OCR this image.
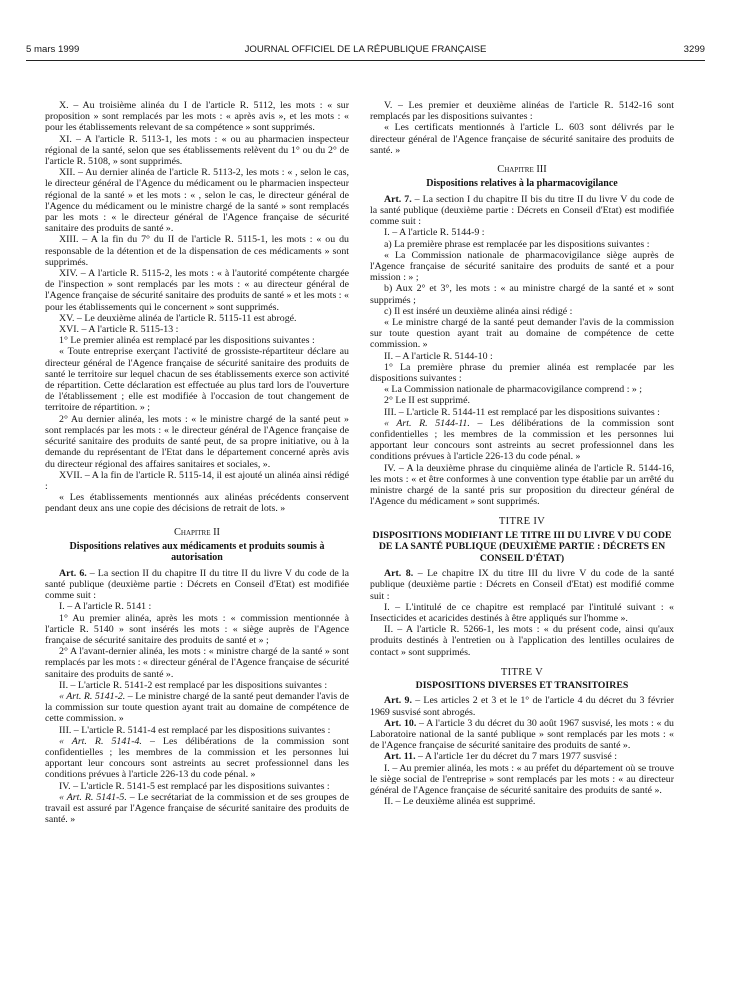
5 mars 1999	JOURNAL OFFICIEL DE LA RÉPUBLIQUE FRANÇAISE	3299

X. – Au troisième alinéa du I de l'article R. 5112, les mots : « sur proposition » sont remplacés par les mots : « après avis », et les mots : « pour les établissements relevant de sa compétence » sont supprimés.

XI. – A l'article R. 5113-1, les mots : « ou au pharmacien inspecteur régional de la santé, selon que ses établissements relèvent du 1° ou du 2° de l'article R. 5108, » sont supprimés.

XII. – Au dernier alinéa de l'article R. 5113-2, les mots : « , selon le cas, le directeur général de l'Agence du médicament ou le pharmacien inspecteur régional de la santé » et les mots : « , selon le cas, le directeur général de l'Agence du médicament ou le ministre chargé de la santé » sont remplacés par les mots : « le directeur général de l'Agence française de sécurité sanitaire des produits de santé ».

XIII. – A la fin du 7° du II de l'article R. 5115-1, les mots : « ou du responsable de la détention et de la dispensation de ces médicaments » sont supprimés.

XIV. – A l'article R. 5115-2, les mots : « à l'autorité compétente chargée de l'inspection » sont remplacés par les mots : « au directeur général de l'Agence française de sécurité sanitaire des produits de santé » et les mots : « pour les établissements qui le concernent » sont supprimés.

XV. – Le deuxième alinéa de l'article R. 5115-11 est abrogé.

XVI. – A l'article R. 5115-13 :

1° Le premier alinéa est remplacé par les dispositions suivantes :

« Toute entreprise exerçant l'activité de grossiste-répartiteur déclare au directeur général de l'Agence française de sécurité sanitaire des produits de santé le territoire sur lequel chacun de ses établissements exerce son activité de répartition. Cette déclaration est effectuée au plus tard lors de l'ouverture de l'établissement ; elle est modifiée à l'occasion de tout changement de territoire de répartition. » ;

2° Au dernier alinéa, les mots : « le ministre chargé de la santé peut » sont remplacés par les mots : « le directeur général de l'Agence française de sécurité sanitaire des produits de santé peut, de sa propre initiative, ou à la demande du représentant de l'Etat dans le département concerné après avis du directeur régional des affaires sanitaires et sociales, ».

XVII. – A la fin de l'article R. 5115-14, il est ajouté un alinéa ainsi rédigé :

« Les établissements mentionnés aux alinéas précédents conservent pendant deux ans une copie des décisions de retrait de lots. »

Chapitre II
Dispositions relatives aux médicaments et produits soumis à autorisation

Art. 6. – La section II du chapitre II du titre II du livre V du code de la santé publique (deuxième partie : Décrets en Conseil d'Etat) est modifiée comme suit :

I. – A l'article R. 5141 :

1° Au premier alinéa, après les mots : « commission mentionnée à l'article R. 5140 » sont insérés les mots : « siège auprès de l'Agence française de sécurité sanitaire des produits de santé et » ;

2° A l'avant-dernier alinéa, les mots : « ministre chargé de la santé » sont remplacés par les mots : « directeur général de l'Agence française de sécurité sanitaire des produits de santé ».

II. – L'article R. 5141-2 est remplacé par les dispositions suivantes :

« Art. R. 5141-2. – Le ministre chargé de la santé peut demander l'avis de la commission sur toute question ayant trait au domaine de compétence de cette commission. »

III. – L'article R. 5141-4 est remplacé par les dispositions suivantes :

« Art. R. 5141-4. – Les délibérations de la commission sont confidentielles ; les membres de la commission et les personnes lui apportant leur concours sont astreints au secret professionnel dans les conditions prévues à l'article 226-13 du code pénal. »

IV. – L'article R. 5141-5 est remplacé par les dispositions suivantes :

« Art. R. 5141-5. – Le secrétariat de la commission et de ses groupes de travail est assuré par l'Agence française de sécurité sanitaire des produits de santé. »

V. – Les premier et deuxième alinéas de l'article R. 5142-16 sont remplacés par les dispositions suivantes :

« Les certificats mentionnés à l'article L. 603 sont délivrés par le directeur général de l'Agence française de sécurité sanitaire des produits de santé. »

Chapitre III
Dispositions relatives à la pharmacovigilance

Art. 7. – La section I du chapitre II bis du titre II du livre V du code de la santé publique (deuxième partie : Décrets en Conseil d'Etat) est modifiée comme suit :

I. – A l'article R. 5144-9 :

a) La première phrase est remplacée par les dispositions suivantes :

« La Commission nationale de pharmacovigilance siège auprès de l'Agence française de sécurité sanitaire des produits de santé et a pour mission : » ;

b) Aux 2° et 3°, les mots : « au ministre chargé de la santé et » sont supprimés ;

c) Il est inséré un deuxième alinéa ainsi rédigé :

« Le ministre chargé de la santé peut demander l'avis de la commission sur toute question ayant trait au domaine de compétence de cette commission. »

II. – A l'article R. 5144-10 :

1° La première phrase du premier alinéa est remplacée par les dispositions suivantes :

« La Commission nationale de pharmacovigilance comprend : » ;

2° Le II est supprimé.

III. – L'article R. 5144-11 est remplacé par les dispositions suivantes :

« Art. R. 5144-11. – Les délibérations de la commission sont confidentielles ; les membres de la commission et les personnes lui apportant leur concours sont astreints au secret professionnel dans les conditions prévues à l'article 226-13 du code pénal. »

IV. – A la deuxième phrase du cinquième alinéa de l'article R. 5144-16, les mots : « et être conformes à une convention type établie par un arrêté du ministre chargé de la santé pris sur proposition du directeur général de l'Agence du médicament » sont supprimés.

TITRE IV
DISPOSITIONS MODIFIANT LE TITRE III DU LIVRE V DU CODE DE LA SANTÉ PUBLIQUE (DEUXIÈME PARTIE : DÉCRETS EN CONSEIL D'ÉTAT)

Art. 8. – Le chapitre IX du titre III du livre V du code de la santé publique (deuxième partie : Décrets en Conseil d'Etat) est modifié comme suit :

I. – L'intitulé de ce chapitre est remplacé par l'intitulé suivant : « Insecticides et acaricides destinés à être appliqués sur l'homme ».

II. – A l'article R. 5266-1, les mots : « du présent code, ainsi qu'aux produits destinés à l'entretien ou à l'application des lentilles oculaires de contact » sont supprimés.

TITRE V
DISPOSITIONS DIVERSES ET TRANSITOIRES

Art. 9. – Les articles 2 et 3 et le 1° de l'article 4 du décret du 3 février 1969 susvisé sont abrogés.

Art. 10. – A l'article 3 du décret du 30 août 1967 susvisé, les mots : « du Laboratoire national de la santé publique » sont remplacés par les mots : « de l'Agence française de sécurité sanitaire des produits de santé ».

Art. 11. – A l'article 1er du décret du 7 mars 1977 susvisé :

I. – Au premier alinéa, les mots : « au préfet du département où se trouve le siège social de l'entreprise » sont remplacés par les mots : « au directeur général de l'Agence française de sécurité sanitaire des produits de santé ».

II. – Le deuxième alinéa est supprimé.
